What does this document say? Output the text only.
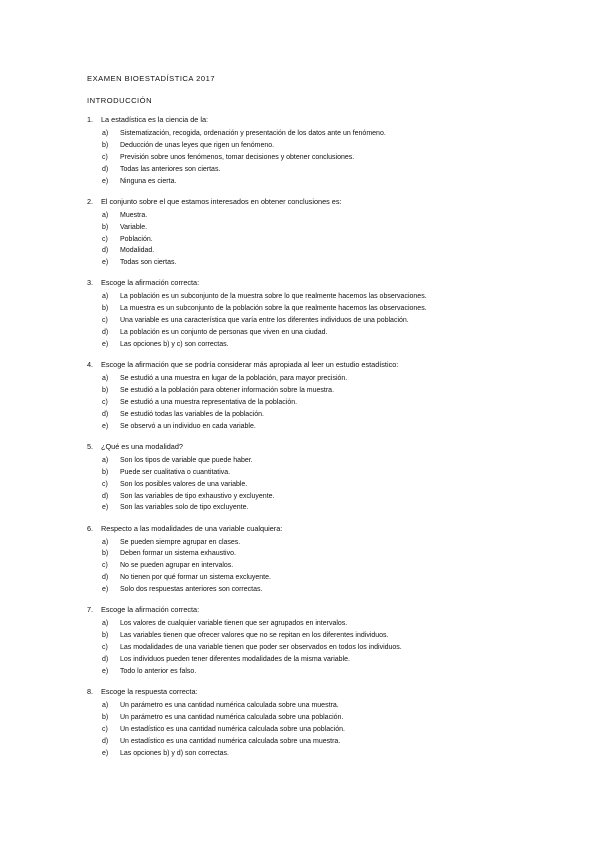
EXAMEN BIOESTADÍSTICA 2017
INTRODUCCIÓN
1.	La estadística es la ciencia de la:
a)	Sistematización, recogida, ordenación y presentación de los datos ante un fenómeno.
b)	Deducción de unas leyes que rigen un fenómeno.
c)	Previsión sobre unos fenómenos, tomar decisiones y obtener conclusiones.
d)	Todas las anteriores son ciertas.
e)	Ninguna es cierta.
2.	El conjunto sobre el que estamos interesados en obtener conclusiones es:
a)	Muestra.
b)	Variable.
c)	Población.
d)	Modalidad.
e)	Todas son ciertas.
3.	Escoge la afirmación correcta:
a)	La población es un subconjunto de la muestra sobre lo que realmente hacemos las observaciones.
b)	La muestra es un subconjunto de la población sobre la que realmente hacemos las observaciones.
c)	Una variable es una característica que varía entre los diferentes individuos de una población.
d)	La población es un conjunto de personas que viven en una ciudad.
e)	Las opciones b) y c) son correctas.
4.	Escoge la afirmación que se podría considerar más apropiada al leer un estudio estadístico:
a)	Se estudió a una muestra en lugar de la población, para mayor precisión.
b)	Se estudió a la población para obtener información sobre la muestra.
c)	Se estudió a una muestra representativa de la población.
d)	Se estudió todas las variables de la población.
e)	Se observó a un individuo en cada variable.
5.	¿Qué es una modalidad?
a)	Son los tipos de variable que puede haber.
b)	Puede ser cualitativa o cuantitativa.
c)	Son los posibles valores de una variable.
d)	Son las variables de tipo exhaustivo y excluyente.
e)	Son las variables solo de tipo excluyente.
6.	Respecto a las modalidades de una variable cualquiera:
a)	Se pueden siempre agrupar en clases.
b)	Deben formar un sistema exhaustivo.
c)	No se pueden agrupar en intervalos.
d)	No tienen por qué formar un sistema excluyente.
e)	Solo dos respuestas anteriores son correctas.
7.	Escoge la afirmación correcta:
a)	Los valores de cualquier variable tienen que ser agrupados en intervalos.
b)	Las variables tienen que ofrecer valores que no se repitan en los diferentes individuos.
c)	Las modalidades de una variable tienen que poder ser observados en todos los individuos.
d)	Los individuos pueden tener diferentes modalidades de la misma variable.
e)	Todo lo anterior es falso.
8.	Escoge la respuesta correcta:
a)	Un parámetro es una cantidad numérica calculada sobre una muestra.
b)	Un parámetro es una cantidad numérica calculada sobre una población.
c)	Un estadístico es una cantidad numérica calculada sobre una población.
d)	Un estadístico es una cantidad numérica calculada sobre una muestra.
e)	Las opciones b) y d) son correctas.
